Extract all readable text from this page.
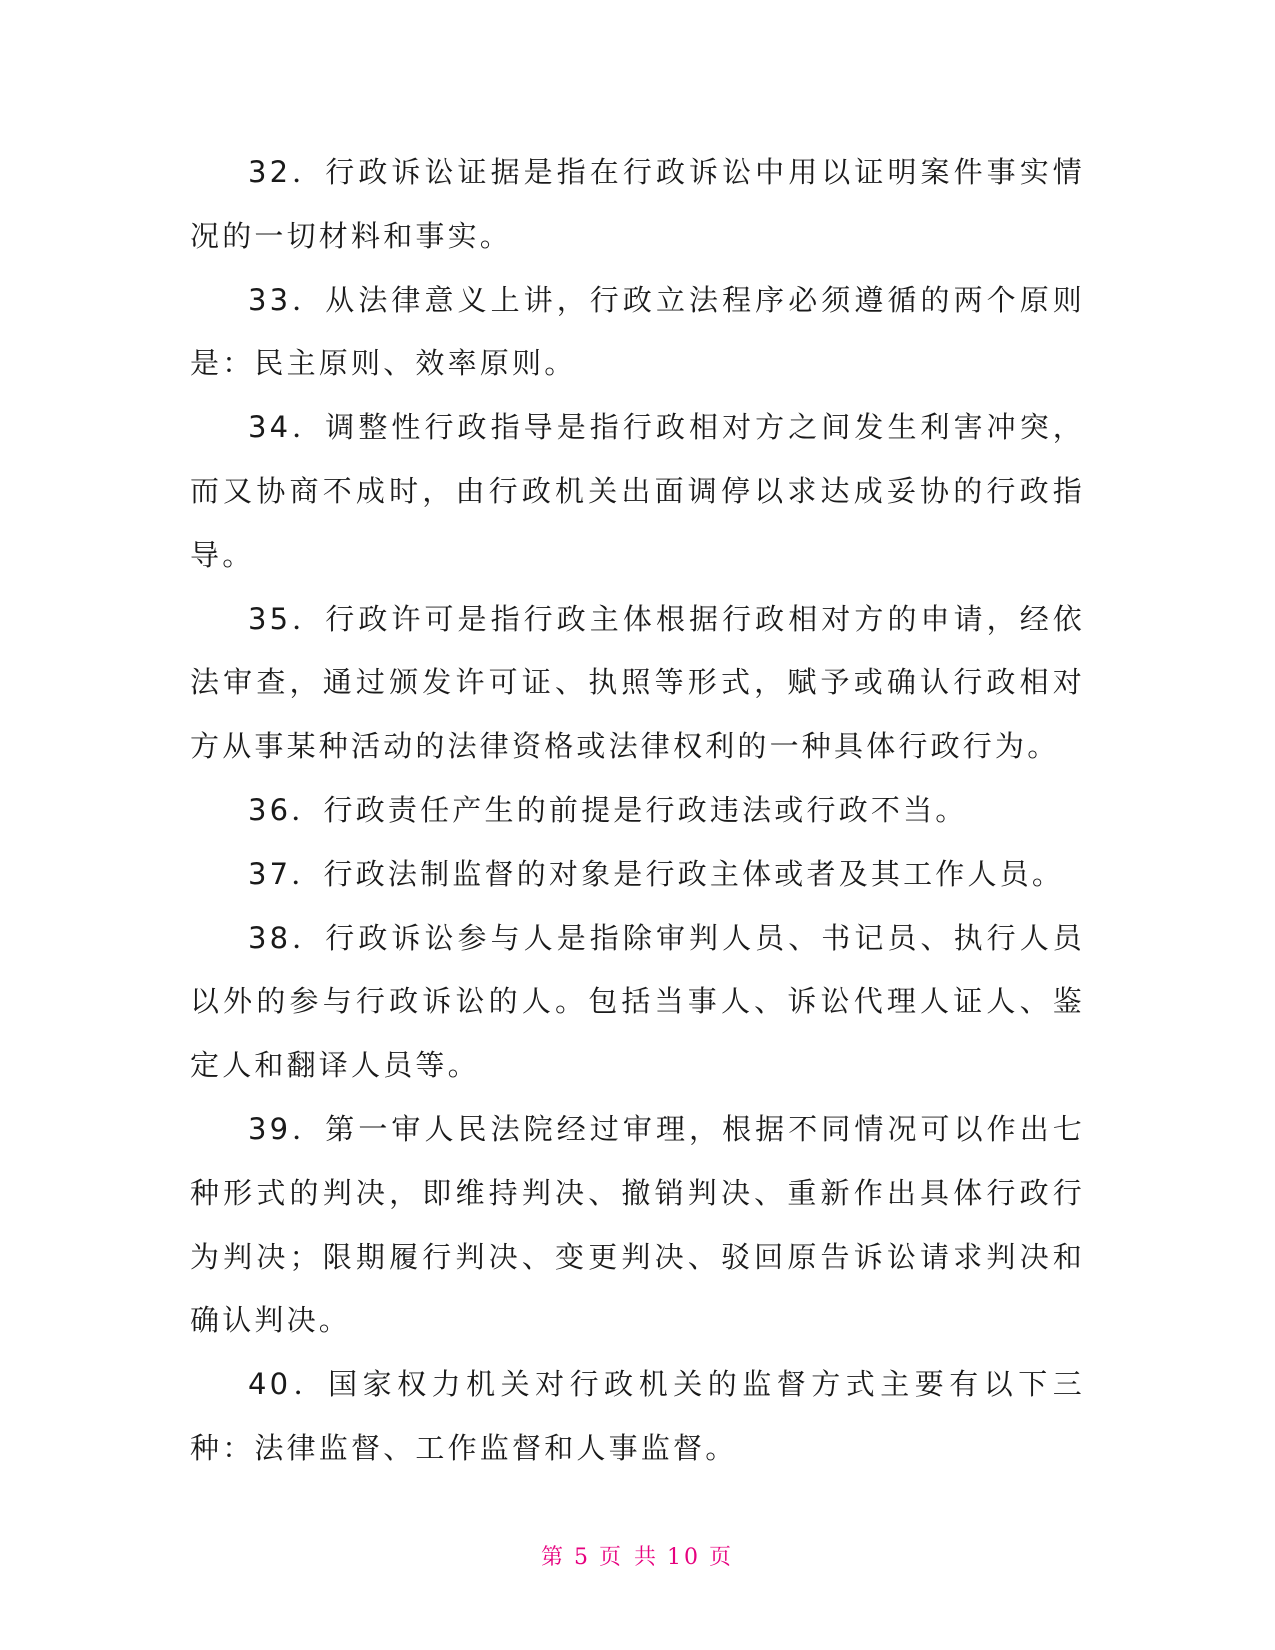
32．行政诉讼证据是指在行政诉讼中用以证明案件事实情况的一切材料和事实。

33．从法律意义上讲，行政立法程序必须遵循的两个原则是：民主原则、效率原则。

34．调整性行政指导是指行政相对方之间发生利害冲突，而又协商不成时，由行政机关出面调停以求达成妥协的行政指导。

35．行政许可是指行政主体根据行政相对方的申请，经依法审查，通过颁发许可证、执照等形式，赋予或确认行政相对方从事某种活动的法律资格或法律权利的一种具体行政行为。

36．行政责任产生的前提是行政违法或行政不当。

37．行政法制监督的对象是行政主体或者及其工作人员。

38．行政诉讼参与人是指除审判人员、书记员、执行人员以外的参与行政诉讼的人。包括当事人、诉讼代理人证人、鉴定人和翻译人员等。

39．第一审人民法院经过审理，根据不同情况可以作出七种形式的判决，即维持判决、撤销判决、重新作出具体行政行为判决；限期履行判决、变更判决、驳回原告诉讼请求判决和确认判决。

40．国家权力机关对行政机关的监督方式主要有以下三种：法律监督、工作监督和人事监督。

第 5 页 共 10 页
